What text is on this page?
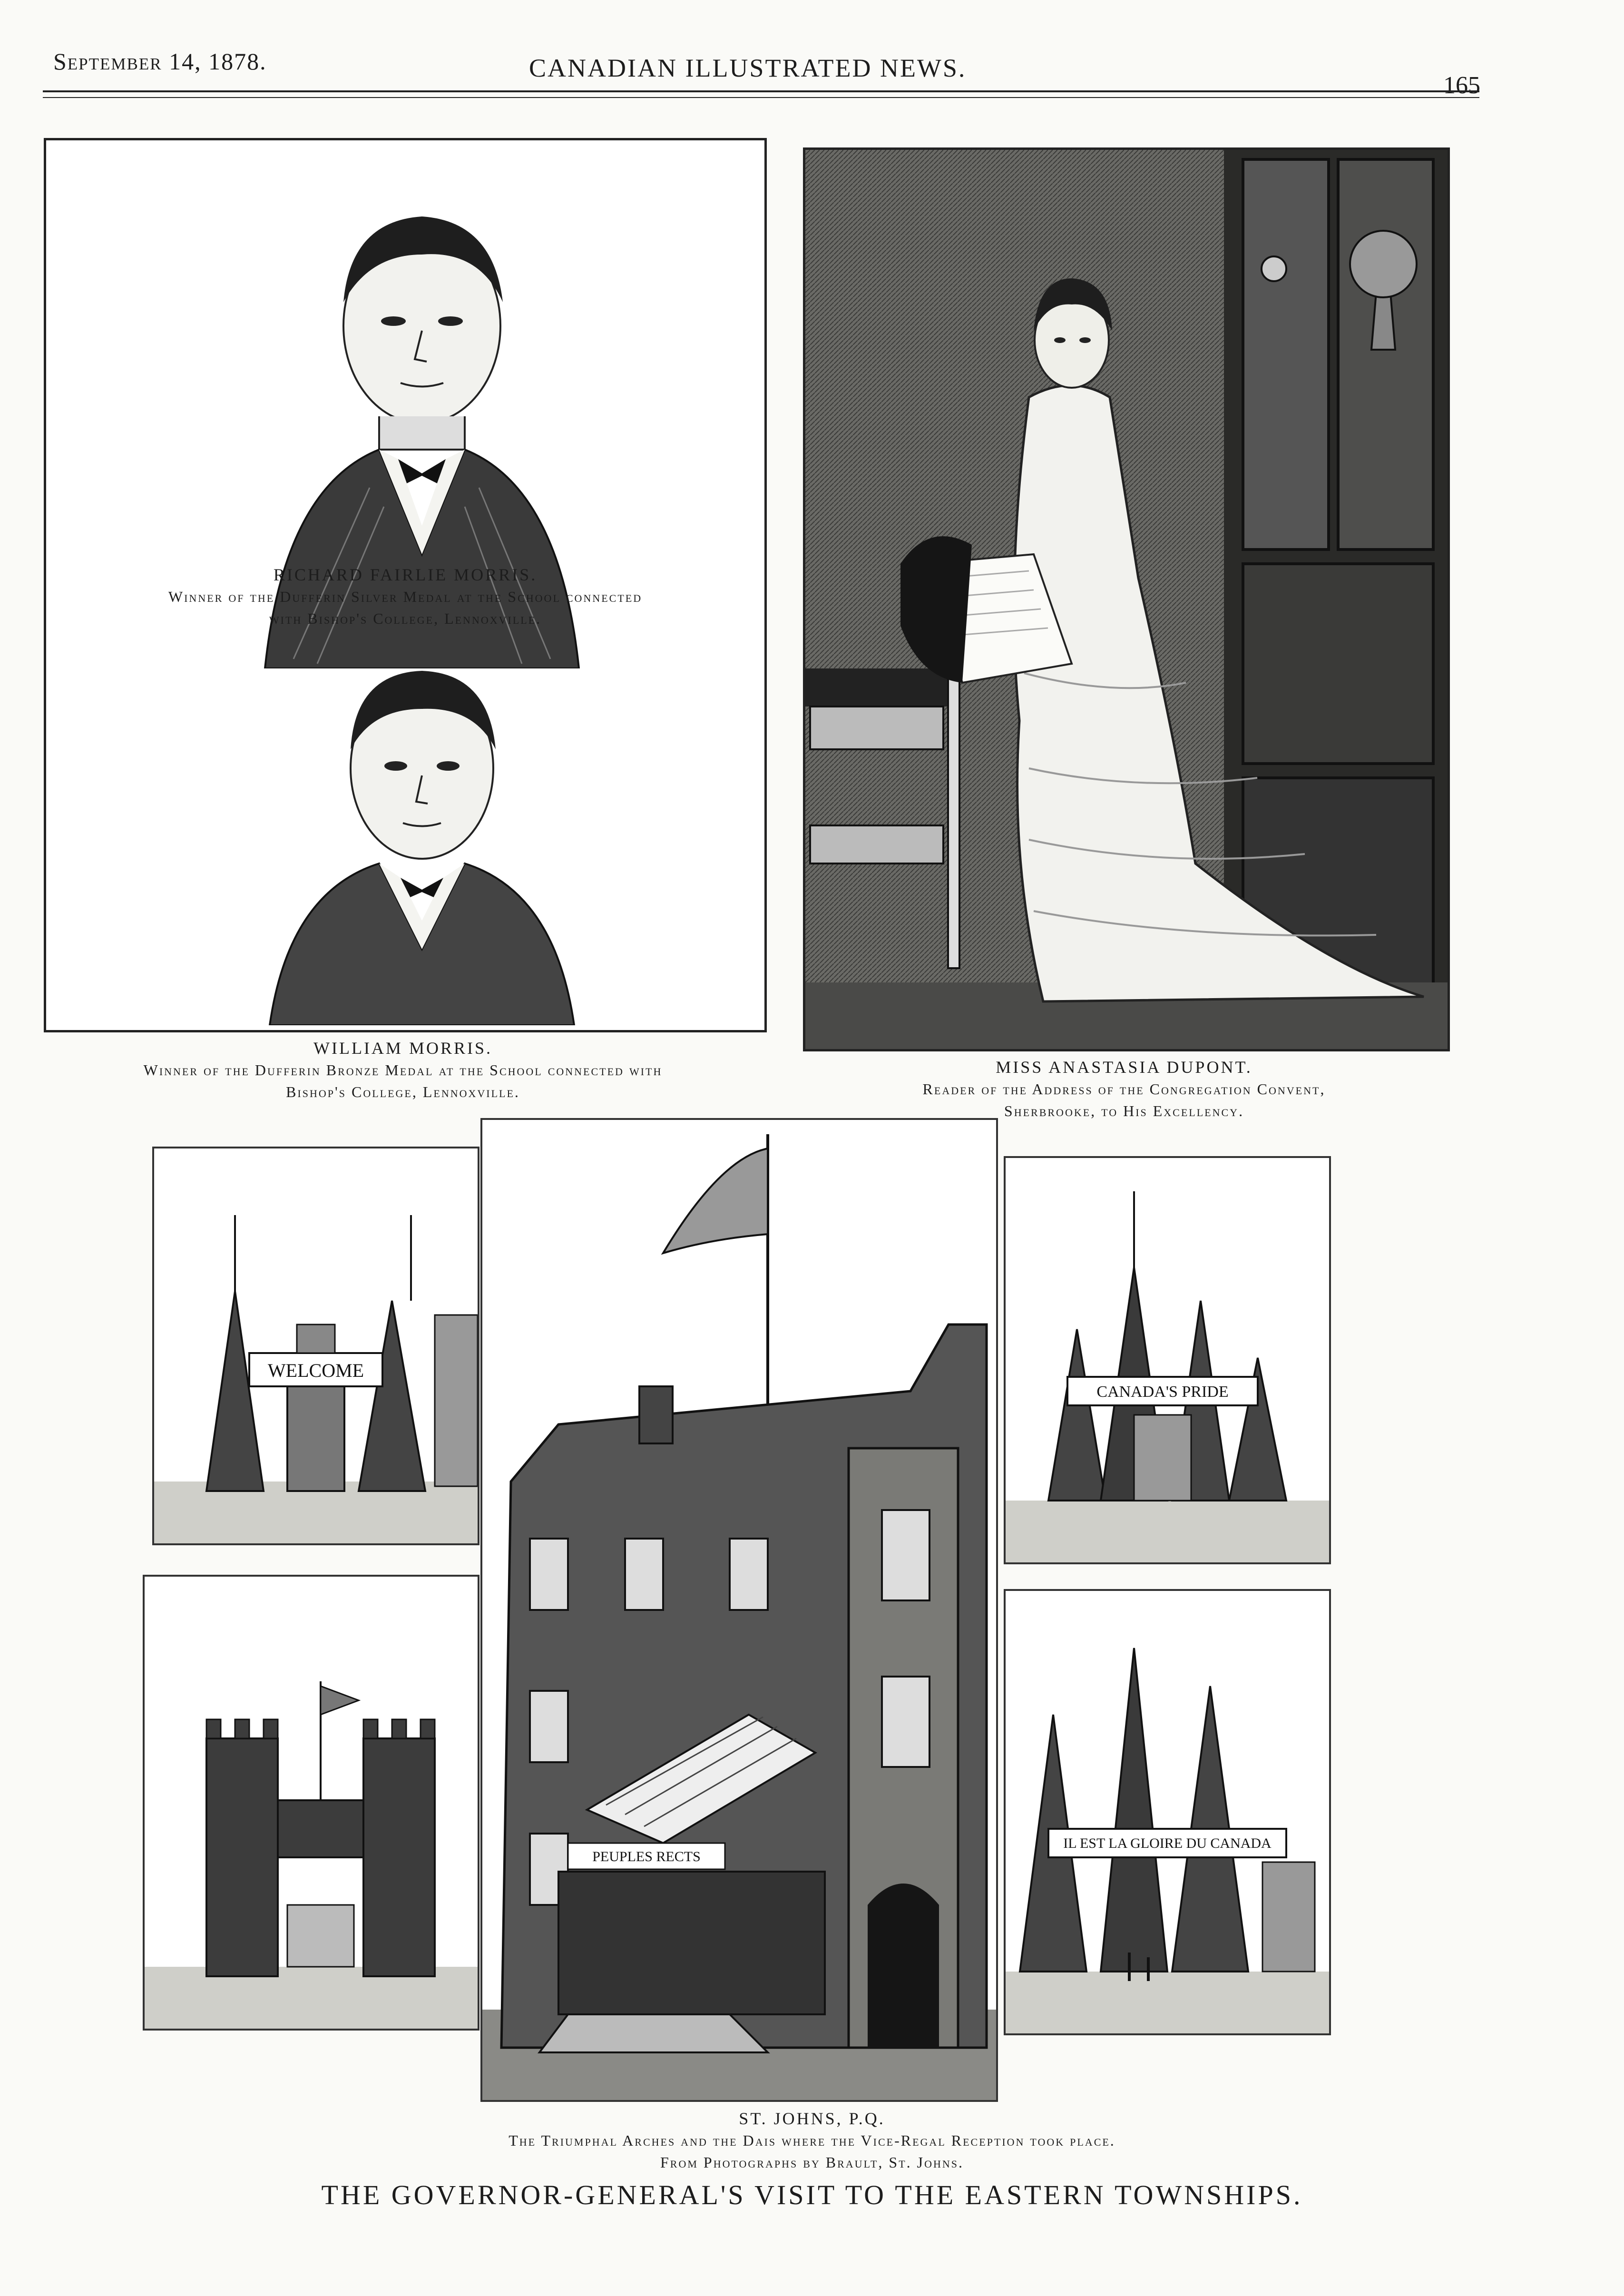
September 14, 1878.	CANADIAN ILLUSTRATED NEWS.
165
RICHARD FAIRLIE MORRIS.
Winner of the Dufferin Silver Medal at the School connected
with Bishop's College, Lennoxville.
WILLIAM MORRIS.
Winner of the Dufferin Bronze Medal at the School connected with
Bishop's College, Lennoxville.
MISS ANASTASIA DUPONT.
Reader of the Address of the Congregation Convent,
Sherbrooke, to His Excellency.
WELCOME
PEUPLES RECTS
CANADA'S PRIDE
IL EST LA GLOIRE DU CANADA
ST. JOHNS, P.Q.
The Triumphal Arches and the Dais where the Vice-Regal Reception took place.
From Photographs by Brault, St. Johns.
THE GOVERNOR-GENERAL'S VISIT TO THE EASTERN TOWNSHIPS.
